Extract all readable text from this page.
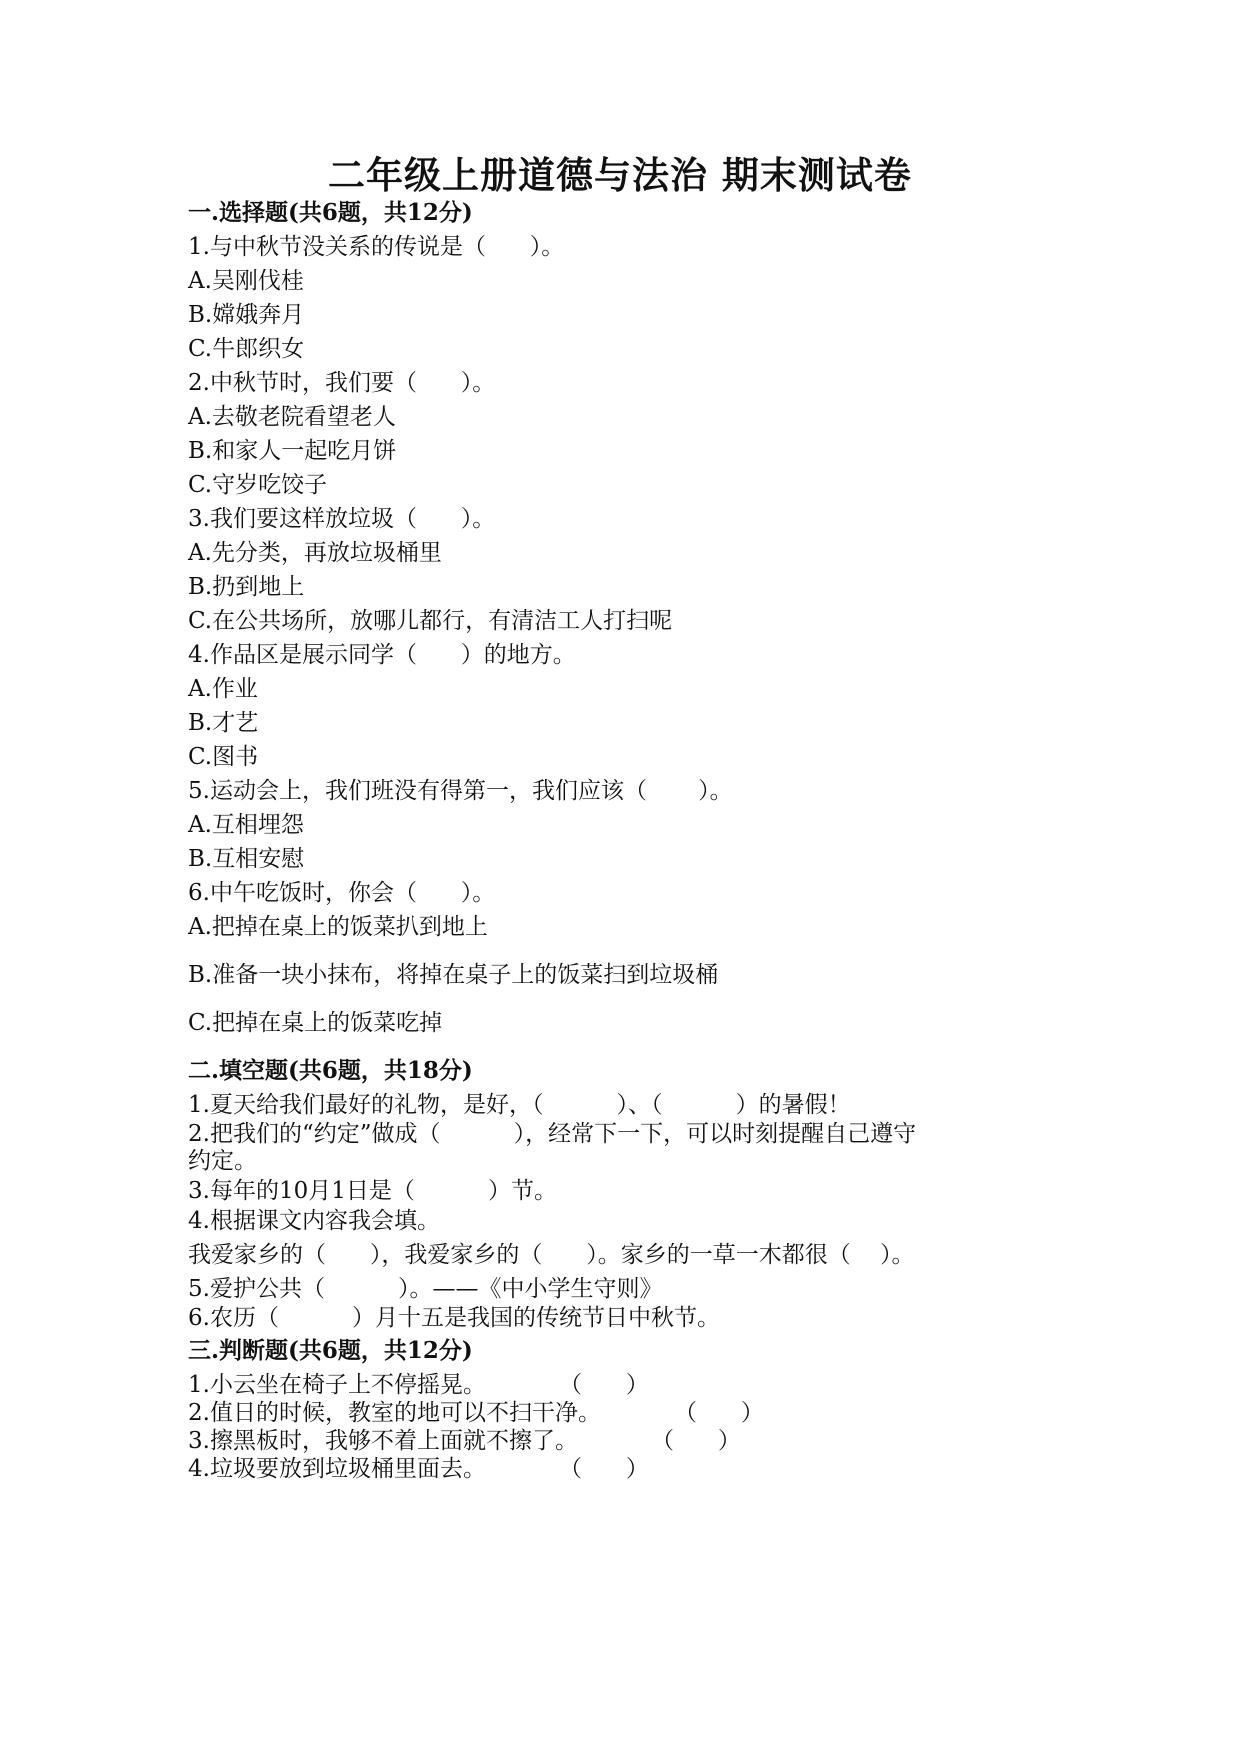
二年级上册道德与法治 期末测试卷
一.选择题(共6题，共12分)
1.与中秋节没关系的传说是（      ）。
A.吴刚伐桂
B.嫦娥奔月
C.牛郎织女
2.中秋节时，我们要（      ）。
A.去敬老院看望老人
B.和家人一起吃月饼
C.守岁吃饺子
3.我们要这样放垃圾（      ）。
A.先分类，再放垃圾桶里
B.扔到地上
C.在公共场所，放哪儿都行，有清洁工人打扫呢
4.作品区是展示同学（      ）的地方。
A.作业
B.才艺
C.图书
5.运动会上，我们班没有得第一，我们应该（       ）。
A.互相埋怨
B.互相安慰
6.中午吃饭时，你会（      ）。
A.把掉在桌上的饭菜扒到地上
B.准备一块小抹布，将掉在桌子上的饭菜扫到垃圾桶
C.把掉在桌上的饭菜吃掉
二.填空题(共6题，共18分)
1.夏天给我们最好的礼物，是好，（          ）、（          ）的暑假！
2.把我们的“约定”做成（          ），经常下一下，可以时刻提醒自己遵守
约定。
3.每年的10月1日是（          ）节。
4.根据课文内容我会填。
我爱家乡的（      ），我爱家乡的（      ）。家乡的一草一木都很（    ）。
5.爱护公共（          ）。——《中小学生守则》
6.农历（          ）月十五是我国的传统节日中秋节。
三.判断题(共6题，共12分)
1.小云坐在椅子上不停摇晃。          （      ）
2.值日的时候，教室的地可以不扫干净。          （      ）
3.擦黑板时，我够不着上面就不擦了。          （      ）
4.垃圾要放到垃圾桶里面去。          （      ）
